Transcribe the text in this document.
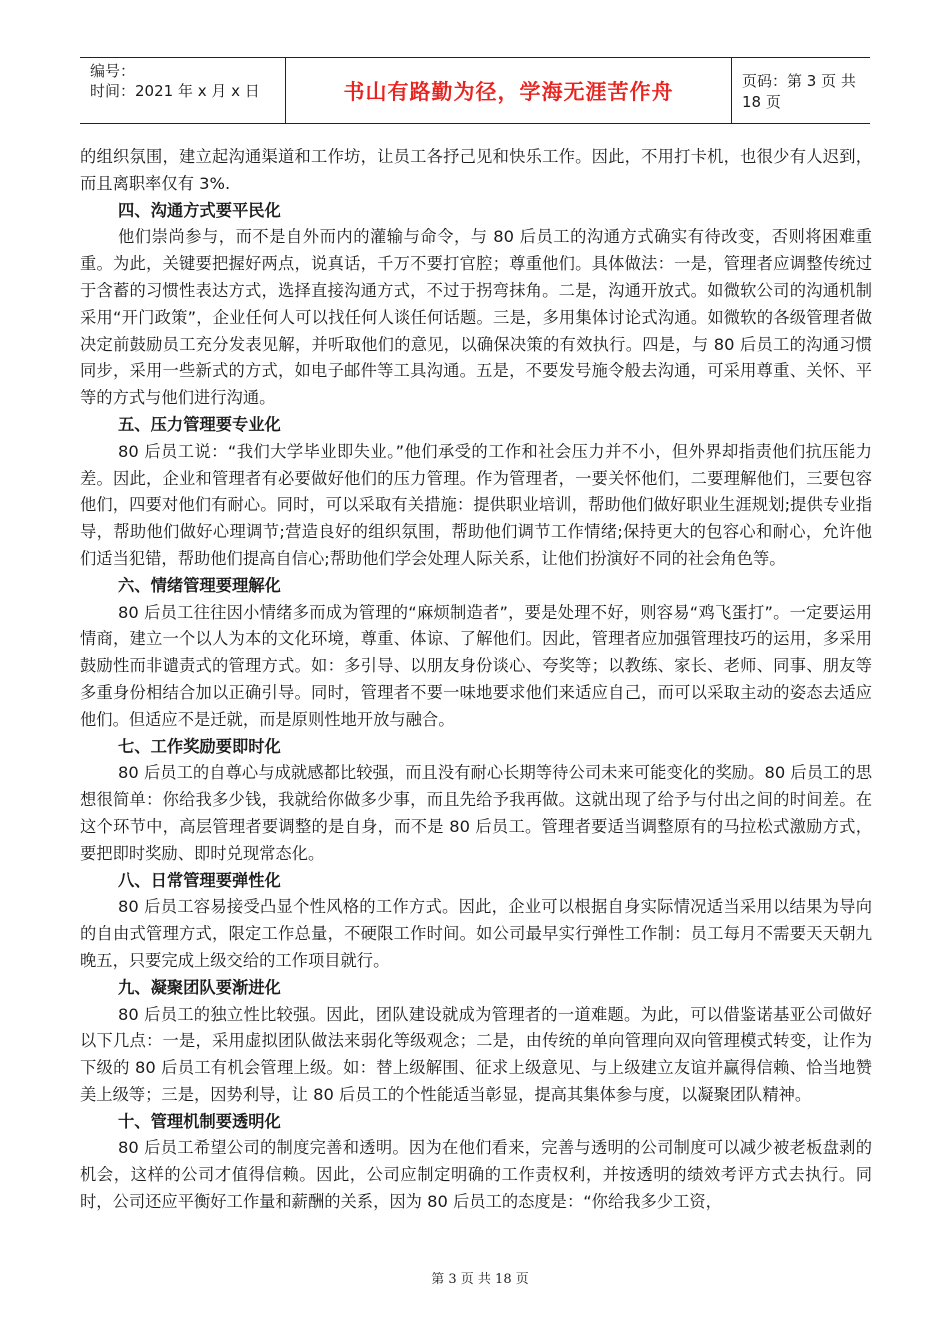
编号：
时间：2021 年 x 月 x 日	书山有路勤为径，学海无涯苦作舟	页码：第 3 页 共 18 页
的组织氛围，建立起沟通渠道和工作坊，让员工各抒己见和快乐工作。因此，不用打卡机，也很少有人迟到，而且离职率仅有 3%.
四、沟通方式要平民化
他们崇尚参与，而不是自外而内的灌输与命令，与 80 后员工的沟通方式确实有待改变，否则将困难重重。为此，关键要把握好两点，说真话，千万不要打官腔；尊重他们。具体做法：一是，管理者应调整传统过于含蓄的习惯性表达方式，选择直接沟通方式，不过于拐弯抹角。二是，沟通开放式。如微软公司的沟通机制采用“开门政策”，企业任何人可以找任何人谈任何话题。三是，多用集体讨论式沟通。如微软的各级管理者做决定前鼓励员工充分发表见解，并听取他们的意见，以确保决策的有效执行。四是，与 80 后员工的沟通习惯同步，采用一些新式的方式，如电子邮件等工具沟通。五是，不要发号施令般去沟通，可采用尊重、关怀、平等的方式与他们进行沟通。
五、压力管理要专业化
80 后员工说：“我们大学毕业即失业。”他们承受的工作和社会压力并不小，但外界却指责他们抗压能力差。因此，企业和管理者有必要做好他们的压力管理。作为管理者，一要关怀他们，二要理解他们，三要包容他们，四要对他们有耐心。同时，可以采取有关措施：提供职业培训，帮助他们做好职业生涯规划;提供专业指导，帮助他们做好心理调节;营造良好的组织氛围，帮助他们调节工作情绪;保持更大的包容心和耐心，允许他们适当犯错，帮助他们提高自信心;帮助他们学会处理人际关系，让他们扮演好不同的社会角色等。
六、情绪管理要理解化
80 后员工往往因小情绪多而成为管理的“麻烦制造者”，要是处理不好，则容易“鸡飞蛋打”。一定要运用情商，建立一个以人为本的文化环境，尊重、体谅、了解他们。因此，管理者应加强管理技巧的运用，多采用鼓励性而非谴责式的管理方式。如：多引导、以朋友身份谈心、夸奖等；以教练、家长、老师、同事、朋友等多重身份相结合加以正确引导。同时，管理者不要一味地要求他们来适应自己，而可以采取主动的姿态去适应他们。但适应不是迁就，而是原则性地开放与融合。
七、工作奖励要即时化
80 后员工的自尊心与成就感都比较强，而且没有耐心长期等待公司未来可能变化的奖励。80 后员工的思想很简单：你给我多少钱，我就给你做多少事，而且先给予我再做。这就出现了给予与付出之间的时间差。在这个环节中，高层管理者要调整的是自身，而不是 80 后员工。管理者要适当调整原有的马拉松式激励方式，要把即时奖励、即时兑现常态化。
八、日常管理要弹性化
80 后员工容易接受凸显个性风格的工作方式。因此，企业可以根据自身实际情况适当采用以结果为导向的自由式管理方式，限定工作总量，不硬限工作时间。如公司最早实行弹性工作制：员工每月不需要天天朝九晚五，只要完成上级交给的工作项目就行。
九、凝聚团队要渐进化
80 后员工的独立性比较强。因此，团队建设就成为管理者的一道难题。为此，可以借鉴诺基亚公司做好以下几点：一是，采用虚拟团队做法来弱化等级观念；二是，由传统的单向管理向双向管理模式转变，让作为下级的 80 后员工有机会管理上级。如：替上级解围、征求上级意见、与上级建立友谊并赢得信赖、恰当地赞美上级等；三是，因势利导，让 80 后员工的个性能适当彰显，提高其集体参与度，以凝聚团队精神。
十、管理机制要透明化
80 后员工希望公司的制度完善和透明。因为在他们看来，完善与透明的公司制度可以减少被老板盘剥的机会，这样的公司才值得信赖。因此，公司应制定明确的工作责权利，并按透明的绩效考评方式去执行。同时，公司还应平衡好工作量和薪酬的关系，因为 80 后员工的态度是：“你给我多少工资，
第 3 页 共 18 页
